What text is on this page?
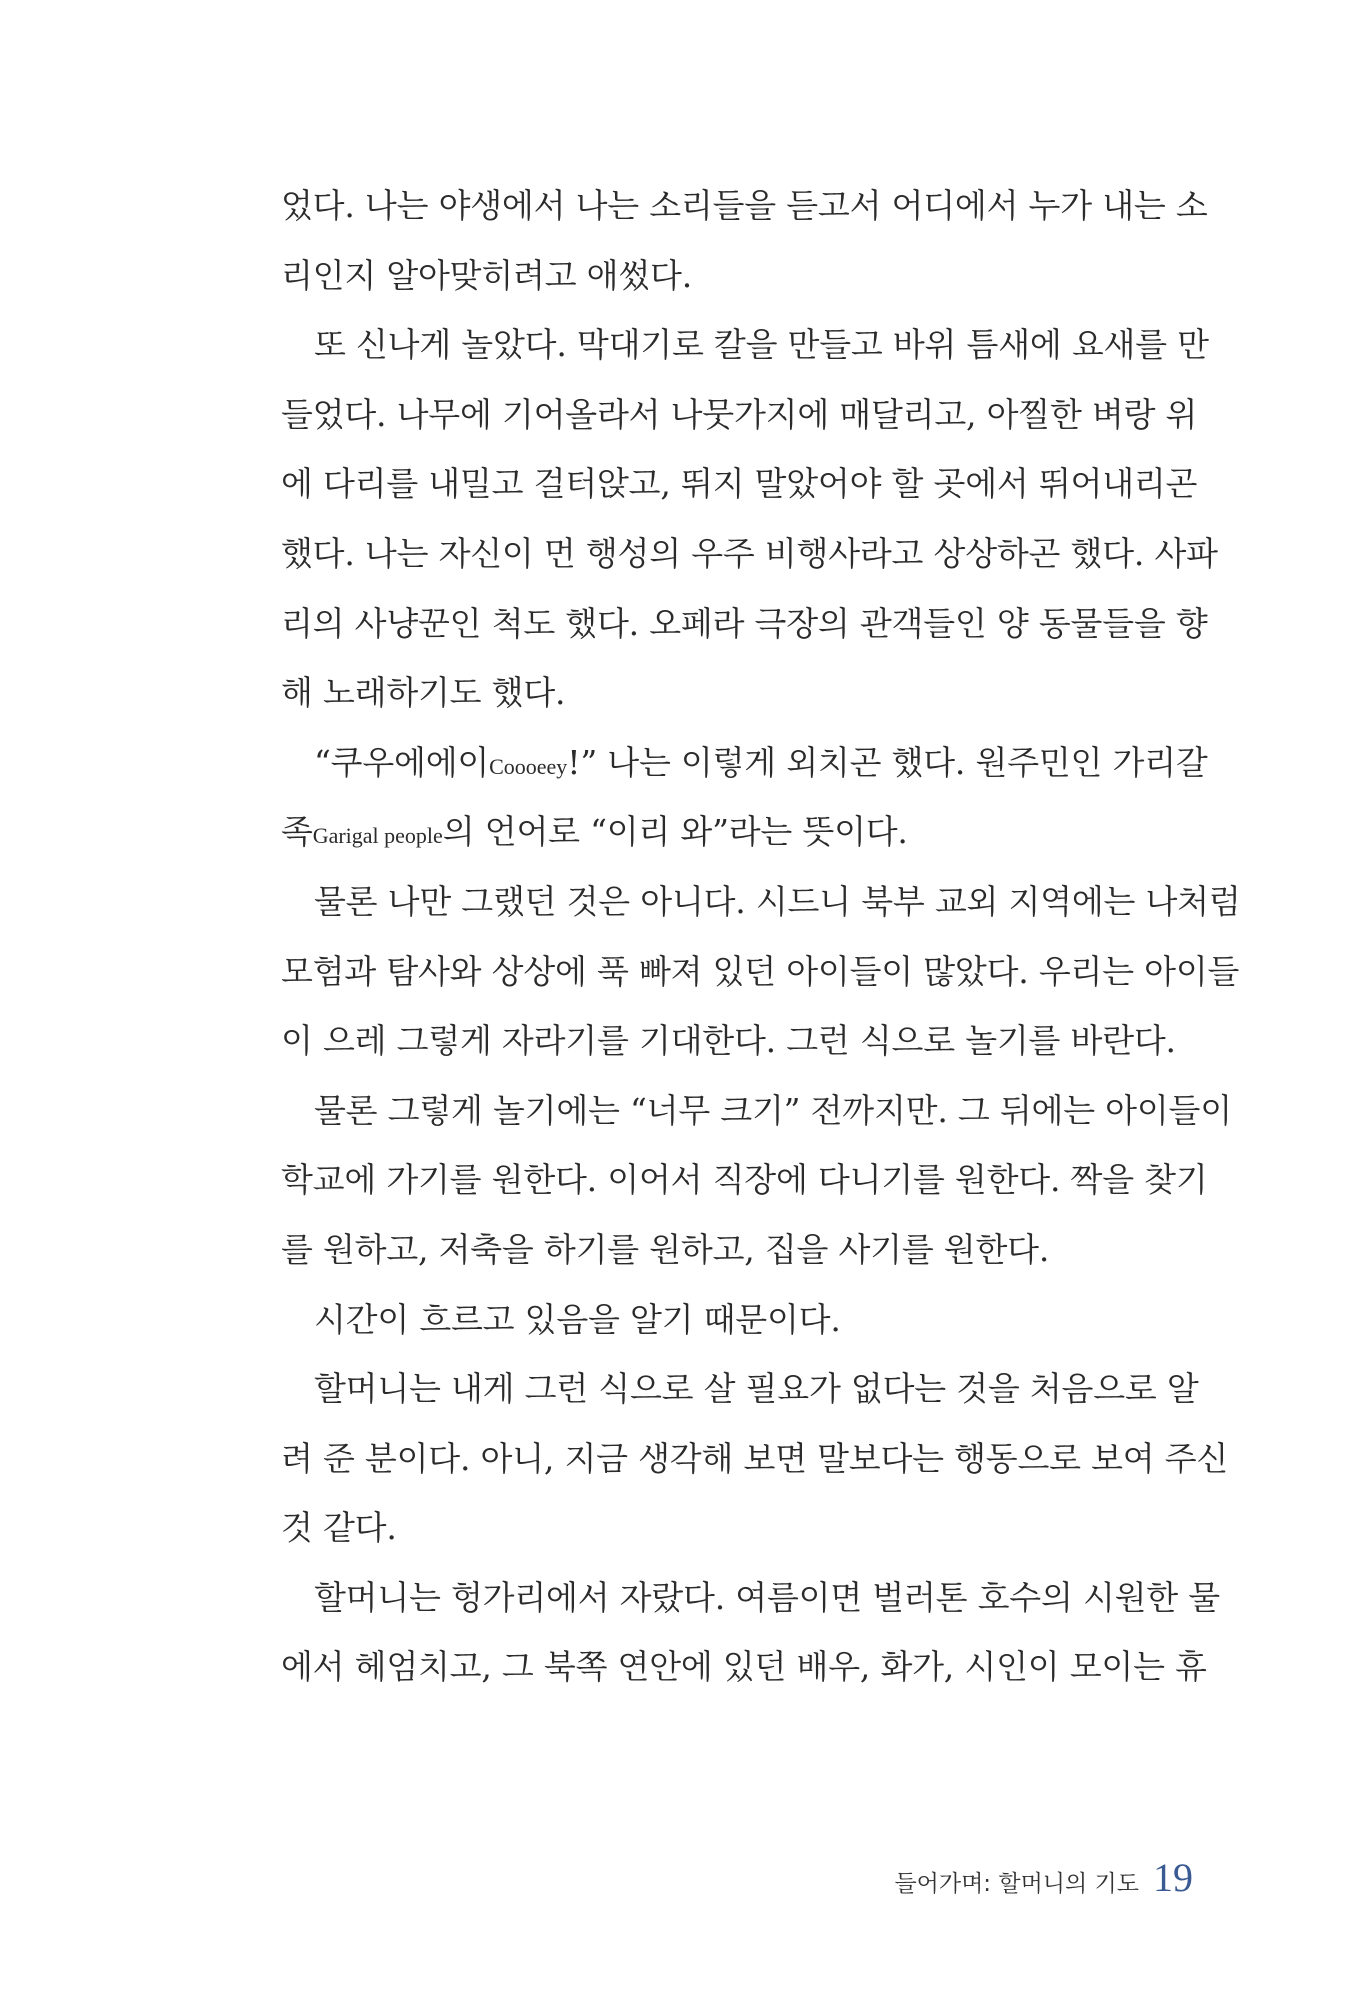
었다. 나는 야생에서 나는 소리들을 듣고서 어디에서 누가 내는 소
리인지 알아맞히려고 애썼다.
또 신나게 놀았다. 막대기로 칼을 만들고 바위 틈새에 요새를 만
들었다. 나무에 기어올라서 나뭇가지에 매달리고, 아찔한 벼랑 위
에 다리를 내밀고 걸터앉고, 뛰지 말았어야 할 곳에서 뛰어내리곤
했다. 나는 자신이 먼 행성의 우주 비행사라고 상상하곤 했다. 사파
리의 사냥꾼인 척도 했다. 오페라 극장의 관객들인 양 동물들을 향
해 노래하기도 했다.
“쿠우에에이Coooeey!” 나는 이렇게 외치곤 했다. 원주민인 가리갈
족Garigal people의 언어로 “이리 와”라는 뜻이다.
물론 나만 그랬던 것은 아니다. 시드니 북부 교외 지역에는 나처럼
모험과 탐사와 상상에 푹 빠져 있던 아이들이 많았다. 우리는 아이들
이 으레 그렇게 자라기를 기대한다. 그런 식으로 놀기를 바란다.
물론 그렇게 놀기에는 “너무 크기” 전까지만. 그 뒤에는 아이들이
학교에 가기를 원한다. 이어서 직장에 다니기를 원한다. 짝을 찾기
를 원하고, 저축을 하기를 원하고, 집을 사기를 원한다.
시간이 흐르고 있음을 알기 때문이다.
할머니는 내게 그런 식으로 살 필요가 없다는 것을 처음으로 알
려 준 분이다. 아니, 지금 생각해 보면 말보다는 행동으로 보여 주신
것 같다.
할머니는 헝가리에서 자랐다. 여름이면 벌러톤 호수의 시원한 물
에서 헤엄치고, 그 북쪽 연안에 있던 배우, 화가, 시인이 모이는 휴
들어가며: 할머니의 기도 19
